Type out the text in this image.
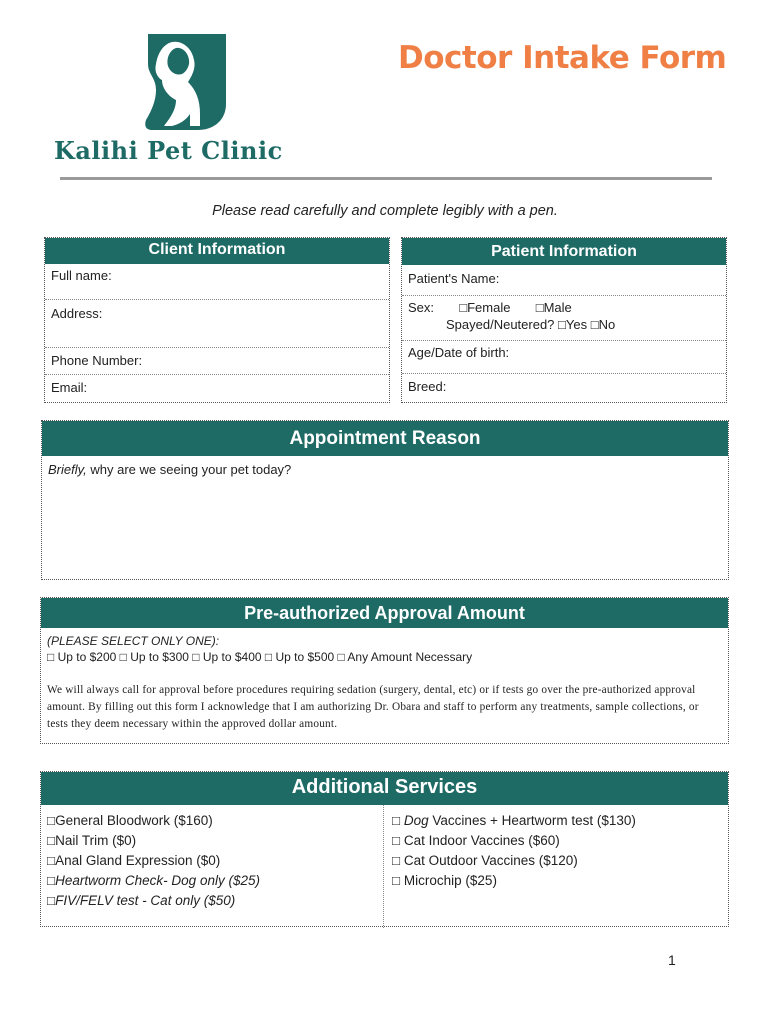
Kalihi Pet Clinic
Doctor Intake Form
Please read carefully and complete legibly with a pen.
Client Information
Full name:
Address:
Phone Number:
Email:
Patient Information
Patient's Name:
Sex: □Female □Male
Spayed/Neutered? □Yes □No
Age/Date of birth:
Breed:
Appointment Reason
Briefly, why are we seeing your pet today?
Pre-authorized Approval Amount
(PLEASE SELECT ONLY ONE):
□ Up to $200 □ Up to $300 □ Up to $400 □ Up to $500 □ Any Amount Necessary
We will always call for approval before procedures requiring sedation (surgery, dental, etc) or if tests go over the pre-authorized approval amount. By filling out this form I acknowledge that I am authorizing Dr. Obara and staff to perform any treatments, sample collections, or tests they deem necessary within the approved dollar amount.
Additional Services
□General Bloodwork ($160)
□Nail Trim ($0)
□Anal Gland Expression ($0)
□Heartworm Check- Dog only ($25)
□FIV/FELV test - Cat only ($50)
□ Dog Vaccines + Heartworm test ($130)
□ Cat Indoor Vaccines ($60)
□ Cat Outdoor Vaccines ($120)
□ Microchip ($25)
1
